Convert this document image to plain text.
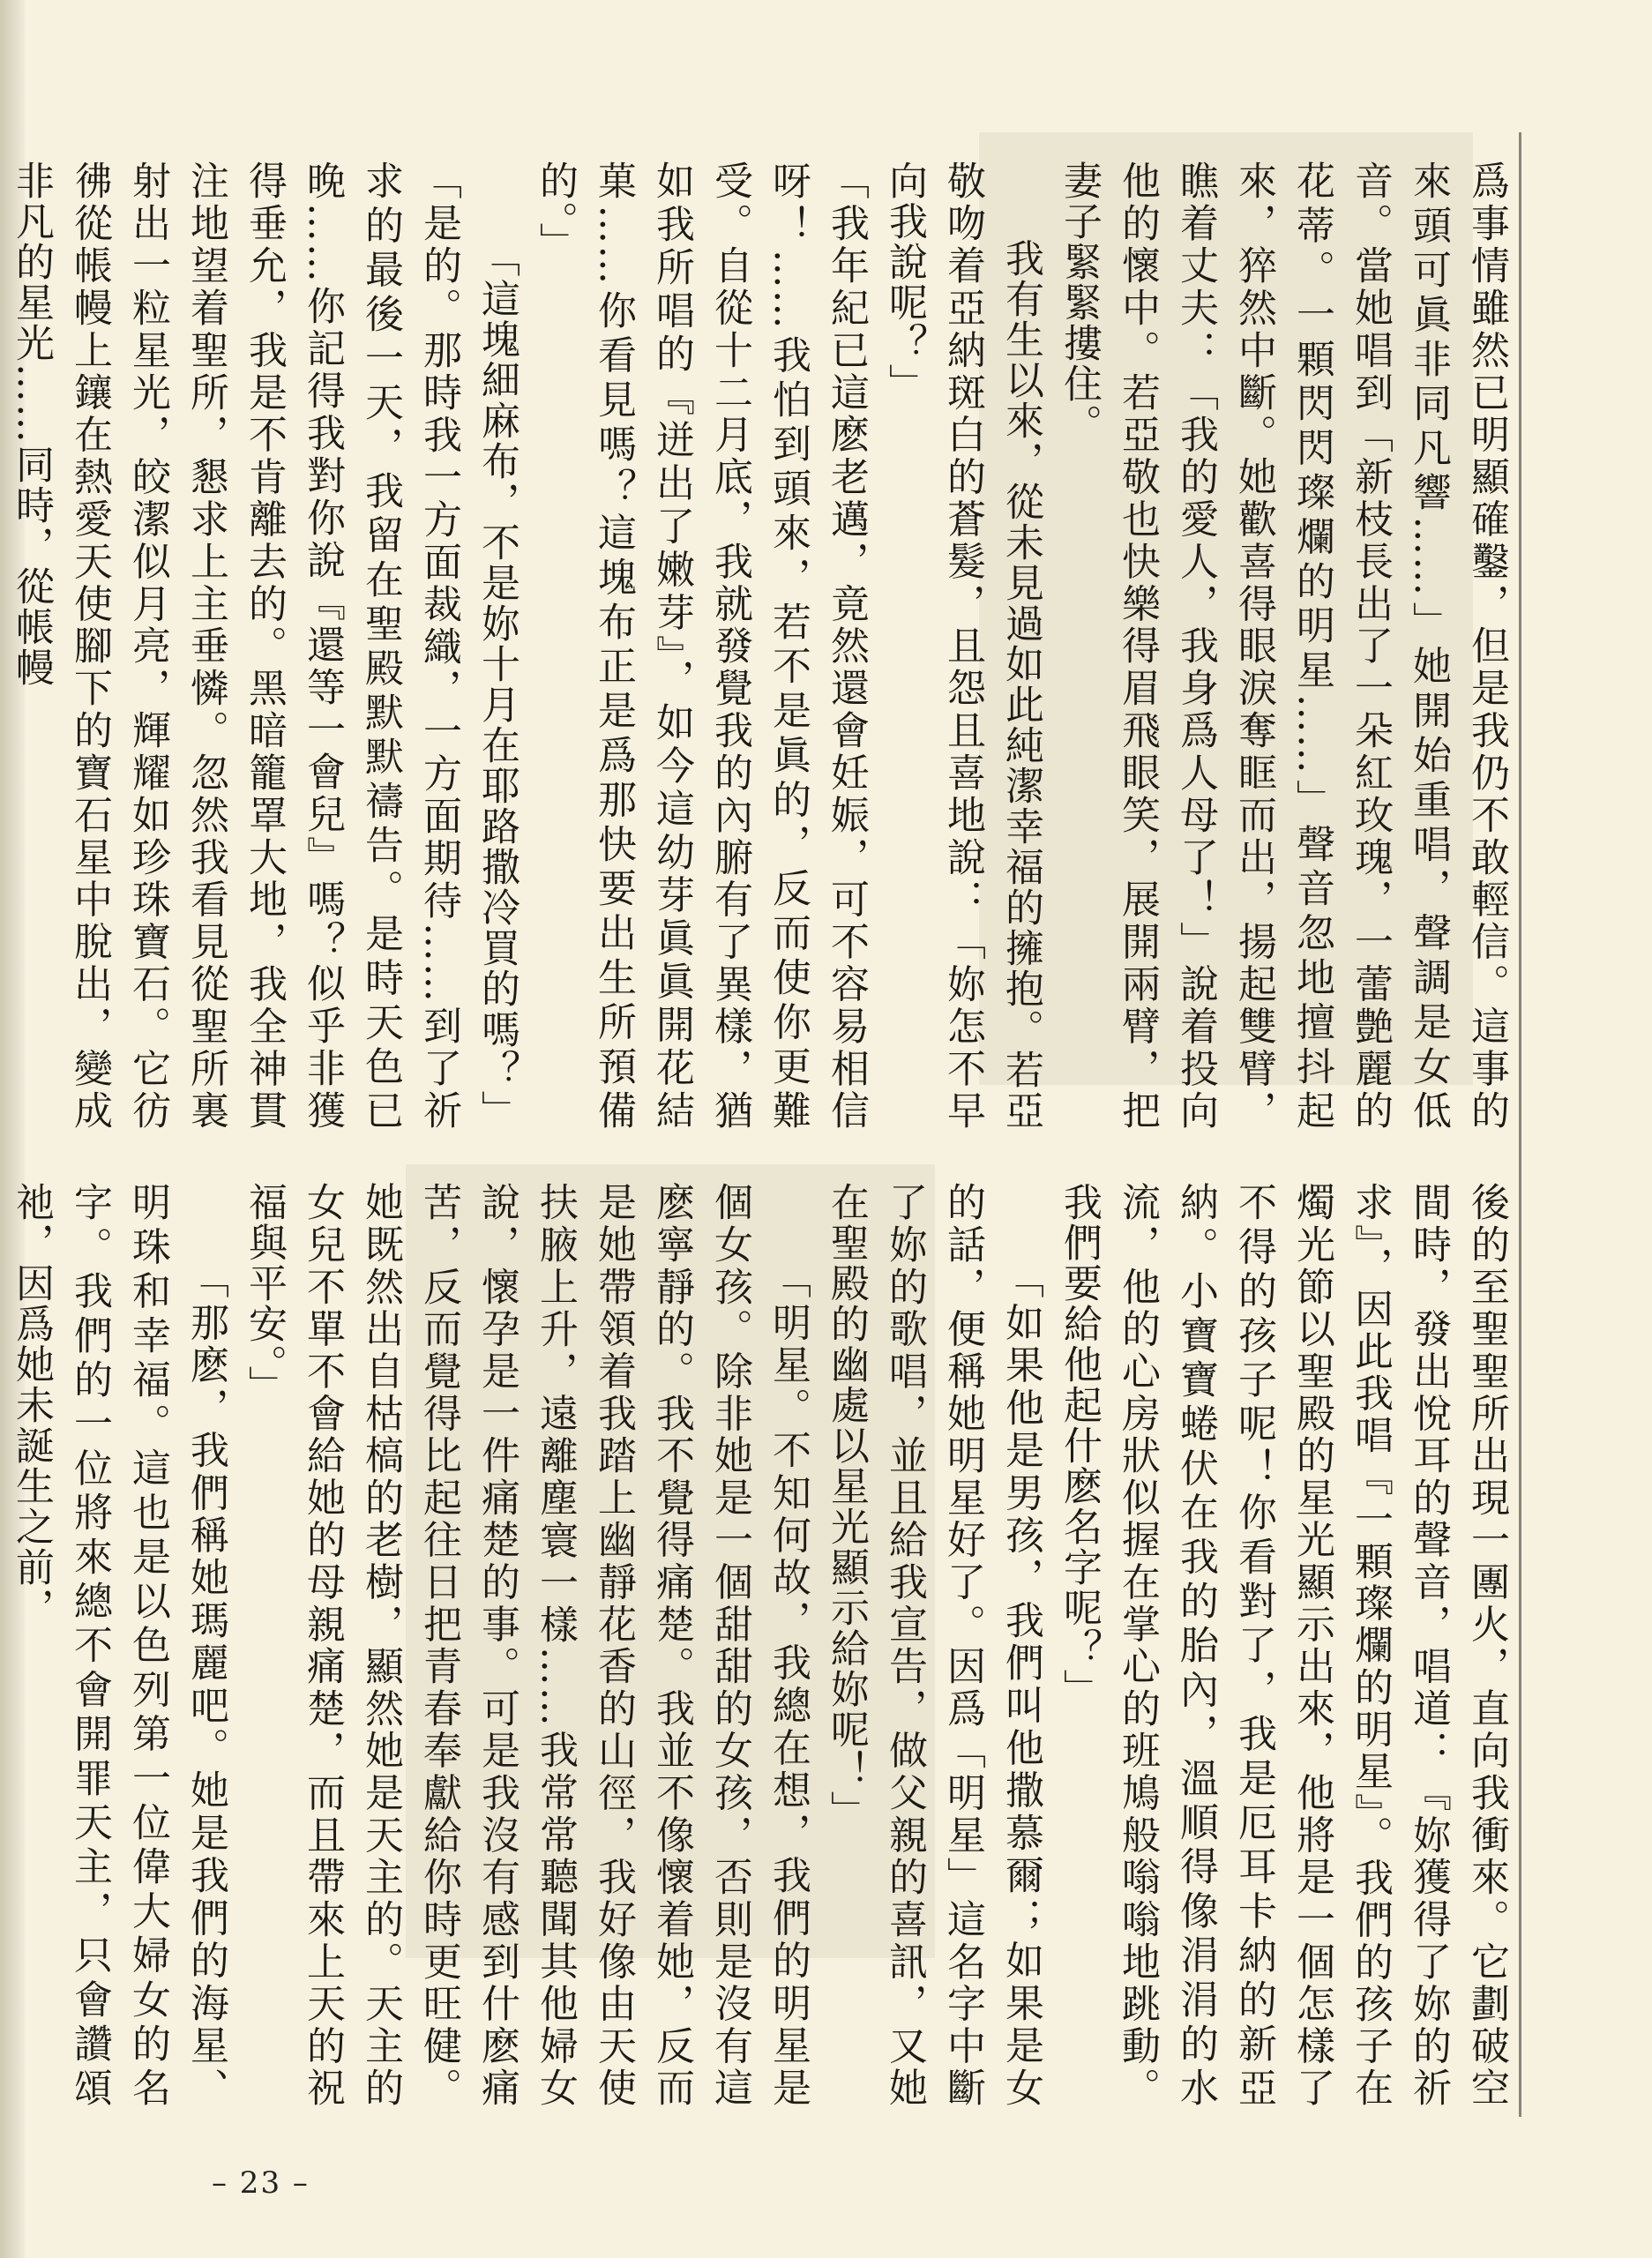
爲事情雖然已明顯確鑿，但是我仍不敢輕信。這事的來頭可眞非同凡響……」她開始重唱，聲調是女低音。當她唱到「新枝長出了一朵紅玫瑰，一蕾艶麗的花蒂。一顆閃閃璨爛的明星……」聲音忽地擅抖起來，猝然中斷。她歡喜得眼淚奪眶而出，揚起雙臂，瞧着丈夫：「我的愛人，我身爲人母了！」說着投向他的懷中。若亞敬也快樂得眉飛眼笑，展開兩臂，把妻子緊緊摟住。

我有生以來，從未見過如此純潔幸福的擁抱。若亞敬吻着亞納斑白的蒼髮，且怨且喜地說：「妳怎不早向我說呢？」

「我年紀已這麽老邁，竟然還會妊娠，可不容易相信呀！……我怕到頭來，若不是眞的，反而使你更難受。自從十二月底，我就發覺我的內腑有了異樣，猶如我所唱的『迸出了嫩芽』，如今這幼芽眞眞開花結菓……你看見嗎？這塊布正是爲那快要出生所預備的。」

「這塊細麻布，不是妳十月在耶路撒冷買的嗎？」

「是的。那時我一方面裁織，一方面期待……到了祈求的最後一天，我留在聖殿默默禱告。是時天色已晚……你記得我對你說『還等一會兒』嗎？似乎非獲得垂允，我是不肯離去的。黑暗籠罩大地，我全神貫注地望着聖所，懇求上主垂憐。忽然我看見從聖所裏射出一粒星光，皎潔似月亮，輝耀如珍珠寶石。它彷彿從帳幔上鑲在熱愛天使腳下的寶石星中脫出，變成非凡的星光……同時，從帳幔

後的至聖聖所出現一團火，直向我衝來。它劃破空間時，發出悅耳的聲音，唱道：『妳獲得了妳的祈求』，因此我唱『一顆璨爛的明星』。我們的孩子在燭光節以聖殿的星光顯示出來，他將是一個怎樣了不得的孩子呢！你看對了，我是厄耳卡納的新亞納。小寶寶蜷伏在我的胎內，溫順得像涓涓的水流，他的心房狀似握在掌心的班鳩般嗡嗡地跳動。我們要給他起什麽名字呢？」

「如果他是男孩，我們叫他撒慕爾；如果是女的話，便稱她明星好了。因爲「明星」這名字中斷了妳的歌唱，並且給我宣告，做父親的喜訊，又她在聖殿的幽處以星光顯示給妳呢！」

「明星。不知何故，我總在想，我們的明星是個女孩。除非她是一個甜甜的女孩，否則是沒有這麽寧靜的。我不覺得痛楚。我並不像懷着她，反而是她帶領着我踏上幽靜花香的山徑，我好像由天使扶腋上升，遠離塵寰一樣……我常常聽聞其他婦女說，懷孕是一件痛楚的事。可是我沒有感到什麽痛苦，反而覺得比起往日把青春奉獻給你時更旺健。她既然出自枯槁的老樹，顯然她是天主的。天主的女兒不單不會給她的母親痛楚，而且帶來上天的祝福與平安。」

「那麽，我們稱她瑪麗吧。她是我們的海星、明珠和幸福。這也是以色列第一位偉大婦女的名字。我們的一位將來總不會開罪天主，只會讚頌祂，因爲她未誕生之前，

– 23 –
